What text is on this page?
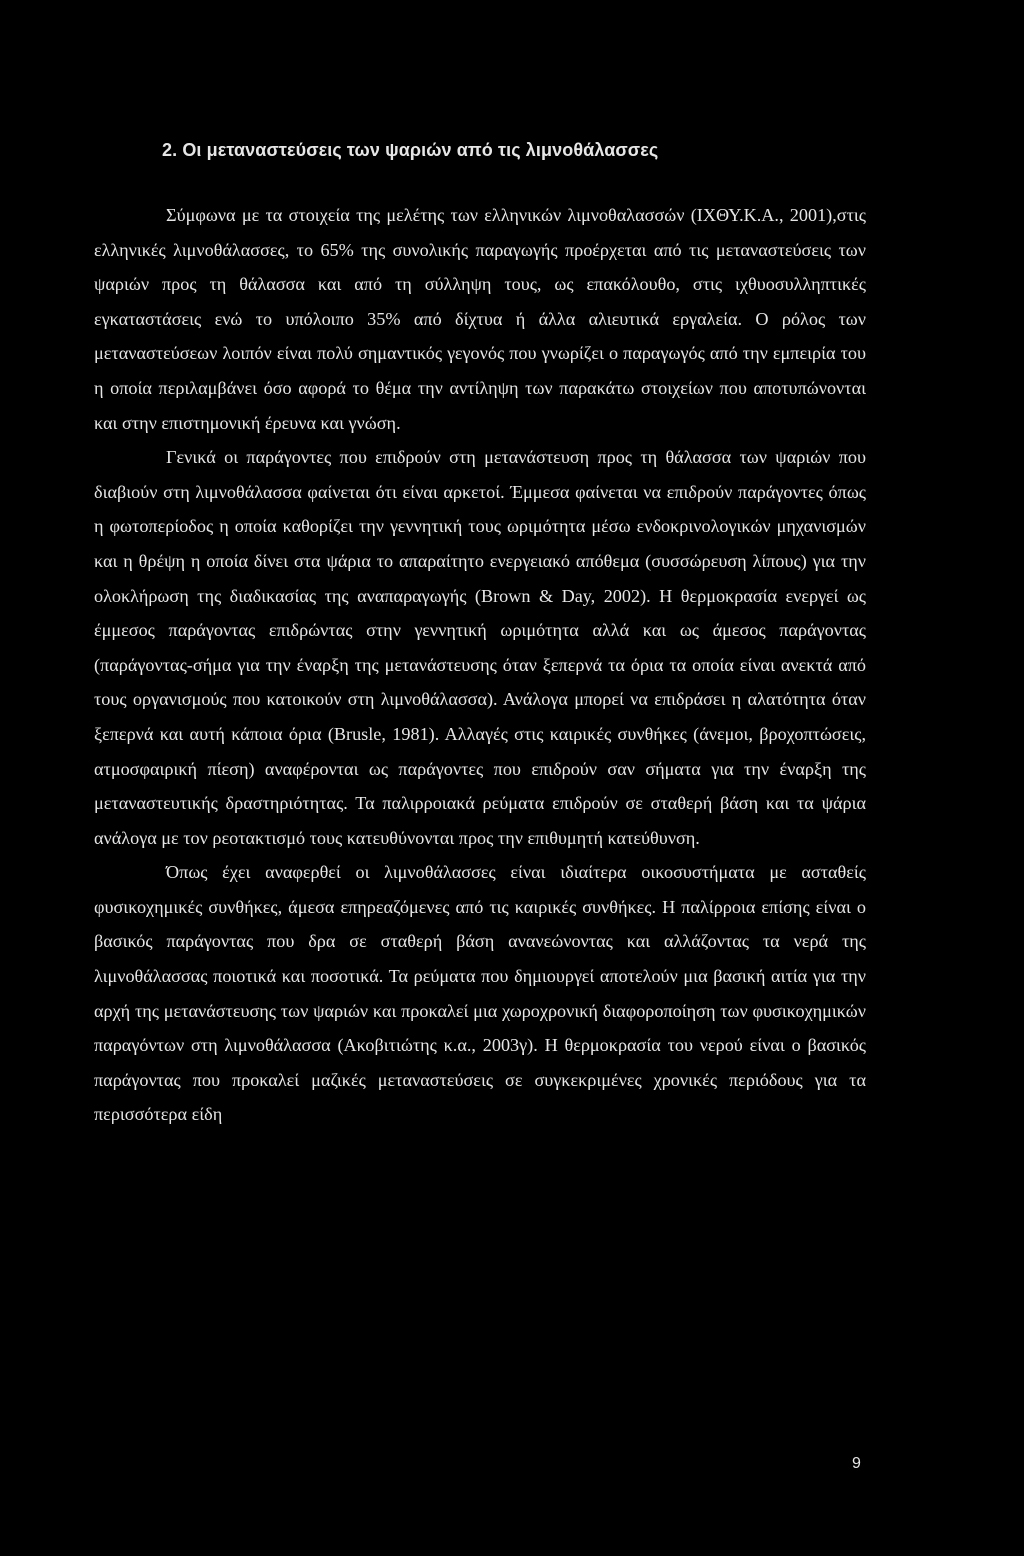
2. Οι μεταναστεύσεις των ψαριών από τις λιμνοθάλασσες

Σύμφωνα με τα στοιχεία της μελέτης των ελληνικών λιμνοθαλασσών (ΙΧΘΥ.Κ.Α., 2001),στις ελληνικές λιμνοθάλασσες, το 65% της συνολικής παραγωγής προέρχεται από τις μεταναστεύσεις των ψαριών προς τη θάλασσα και από τη σύλληψη τους, ως επακόλουθο, στις ιχθυοσυλληπτικές εγκαταστάσεις ενώ το υπόλοιπο 35% από δίχτυα ή άλλα αλιευτικά εργαλεία. Ο ρόλος των μεταναστεύσεων λοιπόν είναι πολύ σημαντικός γεγονός που γνωρίζει ο παραγωγός από την εμπειρία του η οποία περιλαμβάνει όσο αφορά το θέμα την αντίληψη των παρακάτω στοιχείων που αποτυπώνονται και στην επιστημονική έρευνα και γνώση.

Γενικά οι παράγοντες που επιδρούν στη μετανάστευση προς τη θάλασσα των ψαριών που διαβιούν στη λιμνοθάλασσα φαίνεται ότι είναι αρκετοί. Έμμεσα φαίνεται να επιδρούν παράγοντες όπως η φωτοπερίοδος η οποία καθορίζει την γεννητική τους ωριμότητα μέσω ενδοκρινολογικών μηχανισμών και η θρέψη η οποία δίνει στα ψάρια το απαραίτητο ενεργειακό απόθεμα (συσσώρευση λίπους) για την ολοκλήρωση της διαδικασίας της αναπαραγωγής (Brown & Day, 2002). Η θερμοκρασία ενεργεί ως έμμεσος παράγοντας επιδρώντας στην γεννητική ωριμότητα αλλά και ως άμεσος παράγοντας (παράγοντας-σήμα για την έναρξη της μετανάστευσης όταν ξεπερνά τα όρια τα οποία είναι ανεκτά από τους οργανισμούς που κατοικούν στη λιμνοθάλασσα). Ανάλογα μπορεί να επιδράσει η αλατότητα όταν ξεπερνά και αυτή κάποια όρια (Brusle, 1981). Αλλαγές στις καιρικές συνθήκες (άνεμοι, βροχοπτώσεις, ατμοσφαιρική πίεση) αναφέρονται ως παράγοντες που επιδρούν σαν σήματα για την έναρξη της μεταναστευτικής δραστηριότητας. Τα παλιρροιακά ρεύματα επιδρούν σε σταθερή βάση και τα ψάρια ανάλογα με τον ρεοτακτισμό τους κατευθύνονται προς την επιθυμητή κατεύθυνση.

Όπως έχει αναφερθεί οι λιμνοθάλασσες είναι ιδιαίτερα οικοσυστήματα με ασταθείς φυσικοχημικές συνθήκες, άμεσα επηρεαζόμενες από τις καιρικές συνθήκες. Η παλίρροια επίσης είναι ο βασικός παράγοντας που δρα σε σταθερή βάση ανανεώνοντας και αλλάζοντας τα νερά της λιμνοθάλασσας ποιοτικά και ποσοτικά. Τα ρεύματα που δημιουργεί αποτελούν μια βασική αιτία για την αρχή της μετανάστευσης των ψαριών και προκαλεί μια χωροχρονική διαφοροποίηση των φυσικοχημικών παραγόντων στη λιμνοθάλασσα (Ακοβιτιώτης κ.α., 2003γ). Η θερμοκρασία του νερού είναι ο βασικός παράγοντας που προκαλεί μαζικές μεταναστεύσεις σε συγκεκριμένες χρονικές περιόδους για τα περισσότερα είδη

9
